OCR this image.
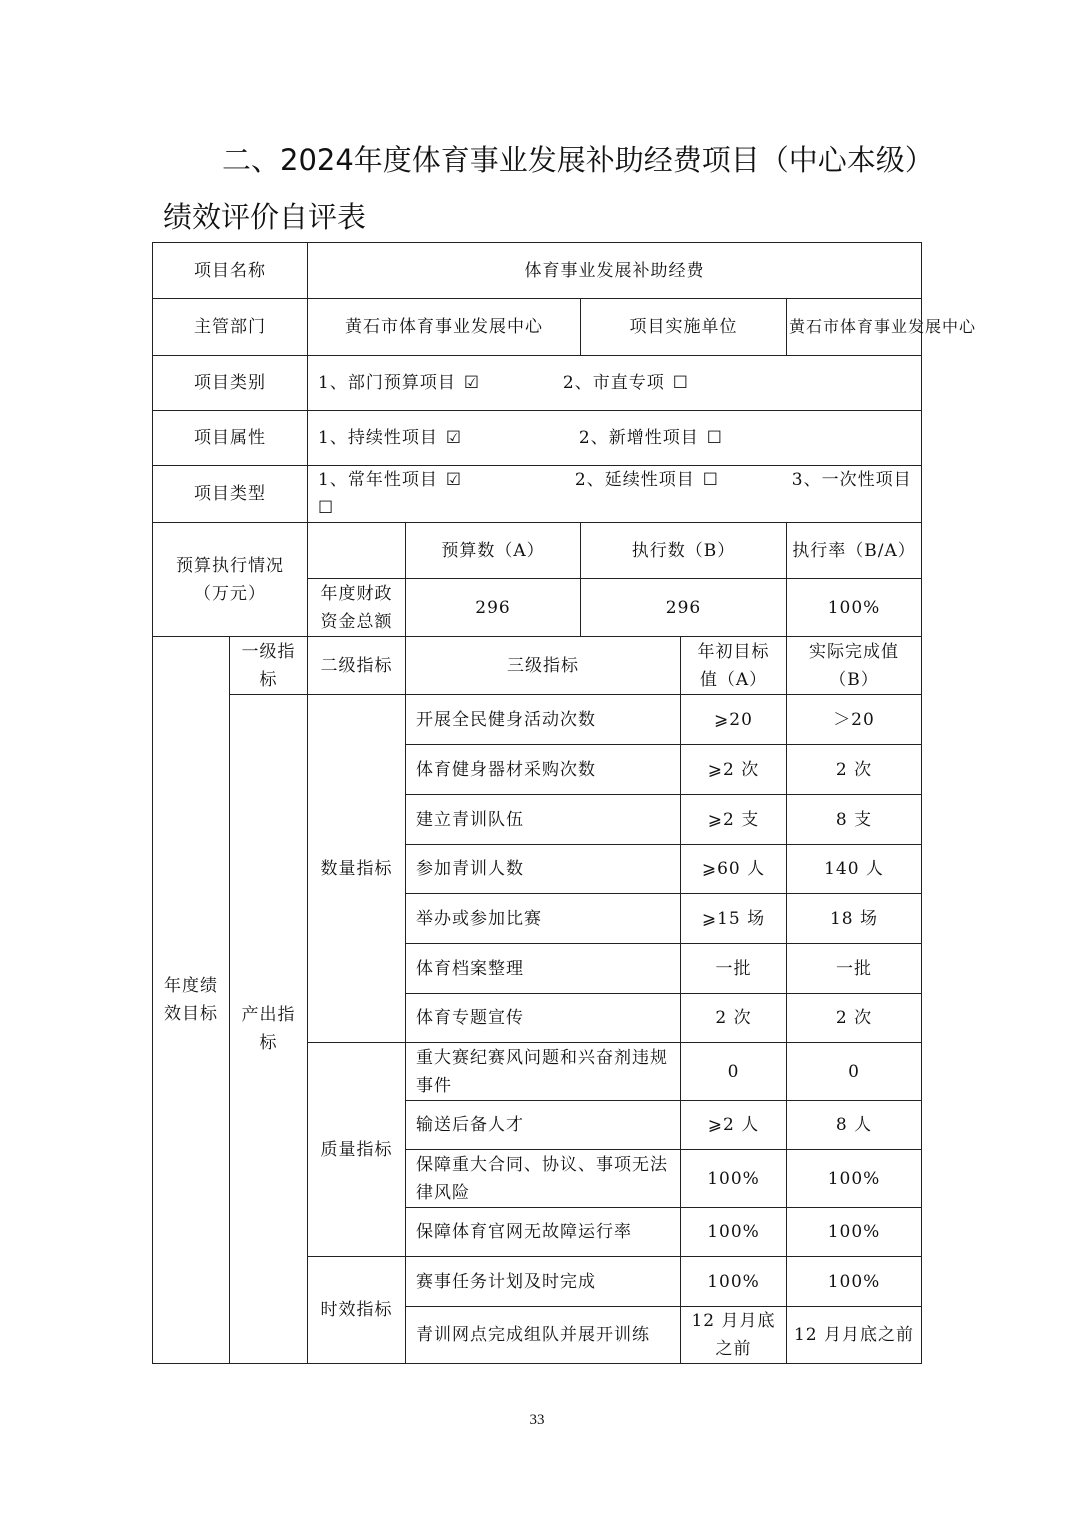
二、2024年度体育事业发展补助经费项目（中心本级）
绩效评价自评表
项目名称		体育事业发展补助经费				
主管部门		黄石市体育事业发展中心		项目实施单位		黄石市体育事业发展中心
项目类别		1、部门预算项目 ☑ 2、市直专项 ☐				
项目属性		1、持续性项目 ☑ 2、新增性项目 ☐				
项目类型		1、常年性项目 ☑ 2、延续性项目 ☐ 3、一次性项目
☐				
预算执行情况（万元）			预算数（A）	执行数（B）		执行率（B/A）
		年度财政资金总额	296	296		100%
年度绩效目标	一级指标	二级指标	三级指标		年初目标值（A）	实际完成值（B）
	产出指标	数量指标	开展全民健身活动次数		⩾20	＞20
			体育健身器材采购次数		⩾2 次	2 次
			建立青训队伍		⩾2 支	8 支
			参加青训人数		⩾60 人	140 人
			举办或参加比赛		⩾15 场	18 场
			体育档案整理		一批	一批
			体育专题宣传		2 次	2 次
		质量指标	重大赛纪赛风问题和兴奋剂违规事件		0	0
			输送后备人才		⩾2 人	8 人
			保障重大合同、协议、事项无法律风险		100%	100%
			保障体育官网无故障运行率		100%	100%
		时效指标	赛事任务计划及时完成		100%	100%
			青训网点完成组队并展开训练		12 月月底之前	12 月月底之前
33
